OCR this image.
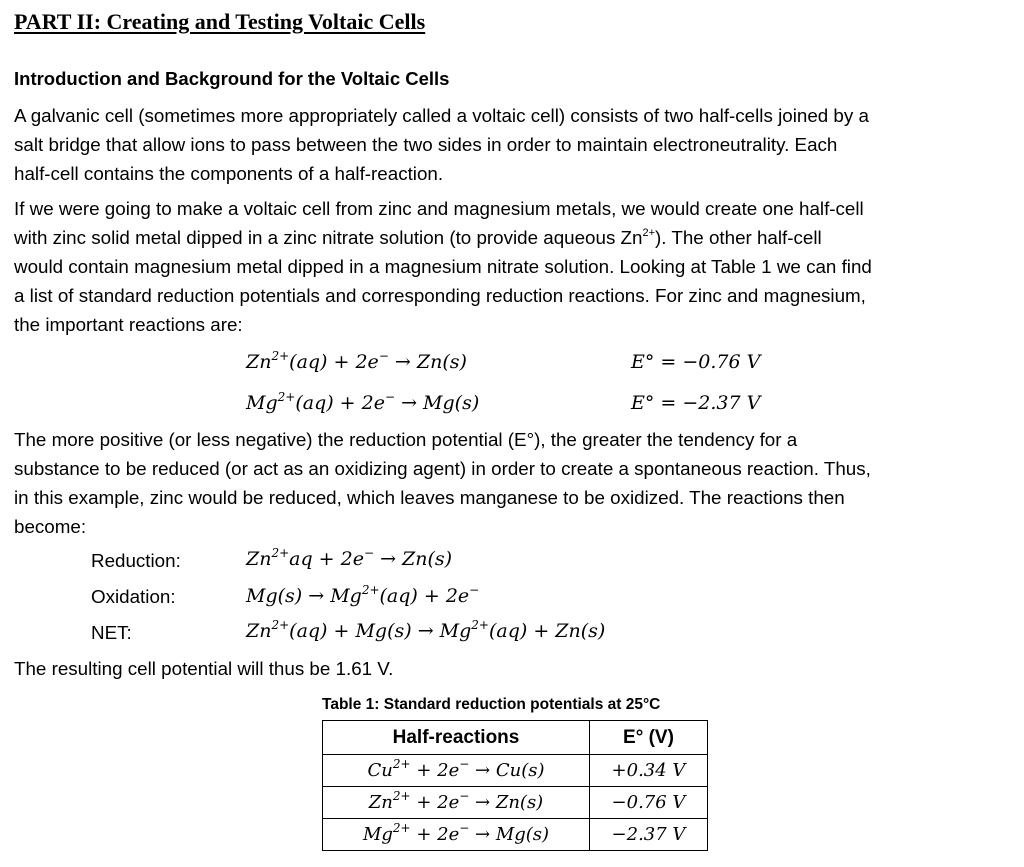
PART II: Creating and Testing Voltaic Cells
Introduction and Background for the Voltaic Cells

A galvanic cell (sometimes more appropriately called a voltaic cell) consists of two half-cells joined by a
salt bridge that allow ions to pass between the two sides in order to maintain electroneutrality. Each
half-cell contains the components of a half-reaction.

If we were going to make a voltaic cell from zinc and magnesium metals, we would create one half-cell
with zinc solid metal dipped in a zinc nitrate solution (to provide aqueous $Zn^{2+}$). The other half-cell
would contain magnesium metal dipped in a magnesium nitrate solution. Looking at Table 1 we can find
a list of standard reduction potentials and corresponding reduction reactions. For zinc and magnesium,
the important reactions are:

$Zn^{2+}(aq) + 2e^- \to Zn(s)$	E° = −0.76 V
$Mg^{2+}(aq) + 2e^- \to Mg(s)$	E° = −2.37 V

The more positive (or less negative) the reduction potential (E°), the greater the tendency for a
substance to be reduced (or act as an oxidizing agent) in order to create a spontaneous reaction. Thus,
in this example, zinc would be reduced, which leaves manganese to be oxidized. The reactions then
become:

Reduction:	$Zn^{2+}aq + 2e^- \to Zn(s)$
Oxidation:	$Mg(s) \to Mg^{2+}(aq) + 2e^-$
NET:	$Zn^{2+}(aq) + Mg(s) \to Mg^{2+}(aq) + Zn(s)$

The resulting cell potential will thus be 1.61 V.

Table 1: Standard reduction potentials at 25°C
Half-reactions	E° (V)
$Cu^{2+} + 2e^- \to Cu(s)$	+0.34 V
$Zn^{2+} + 2e^- \to Zn(s)$	−0.76 V
$Mg^{2+} + 2e^- \to Mg(s)$	−2.37 V
